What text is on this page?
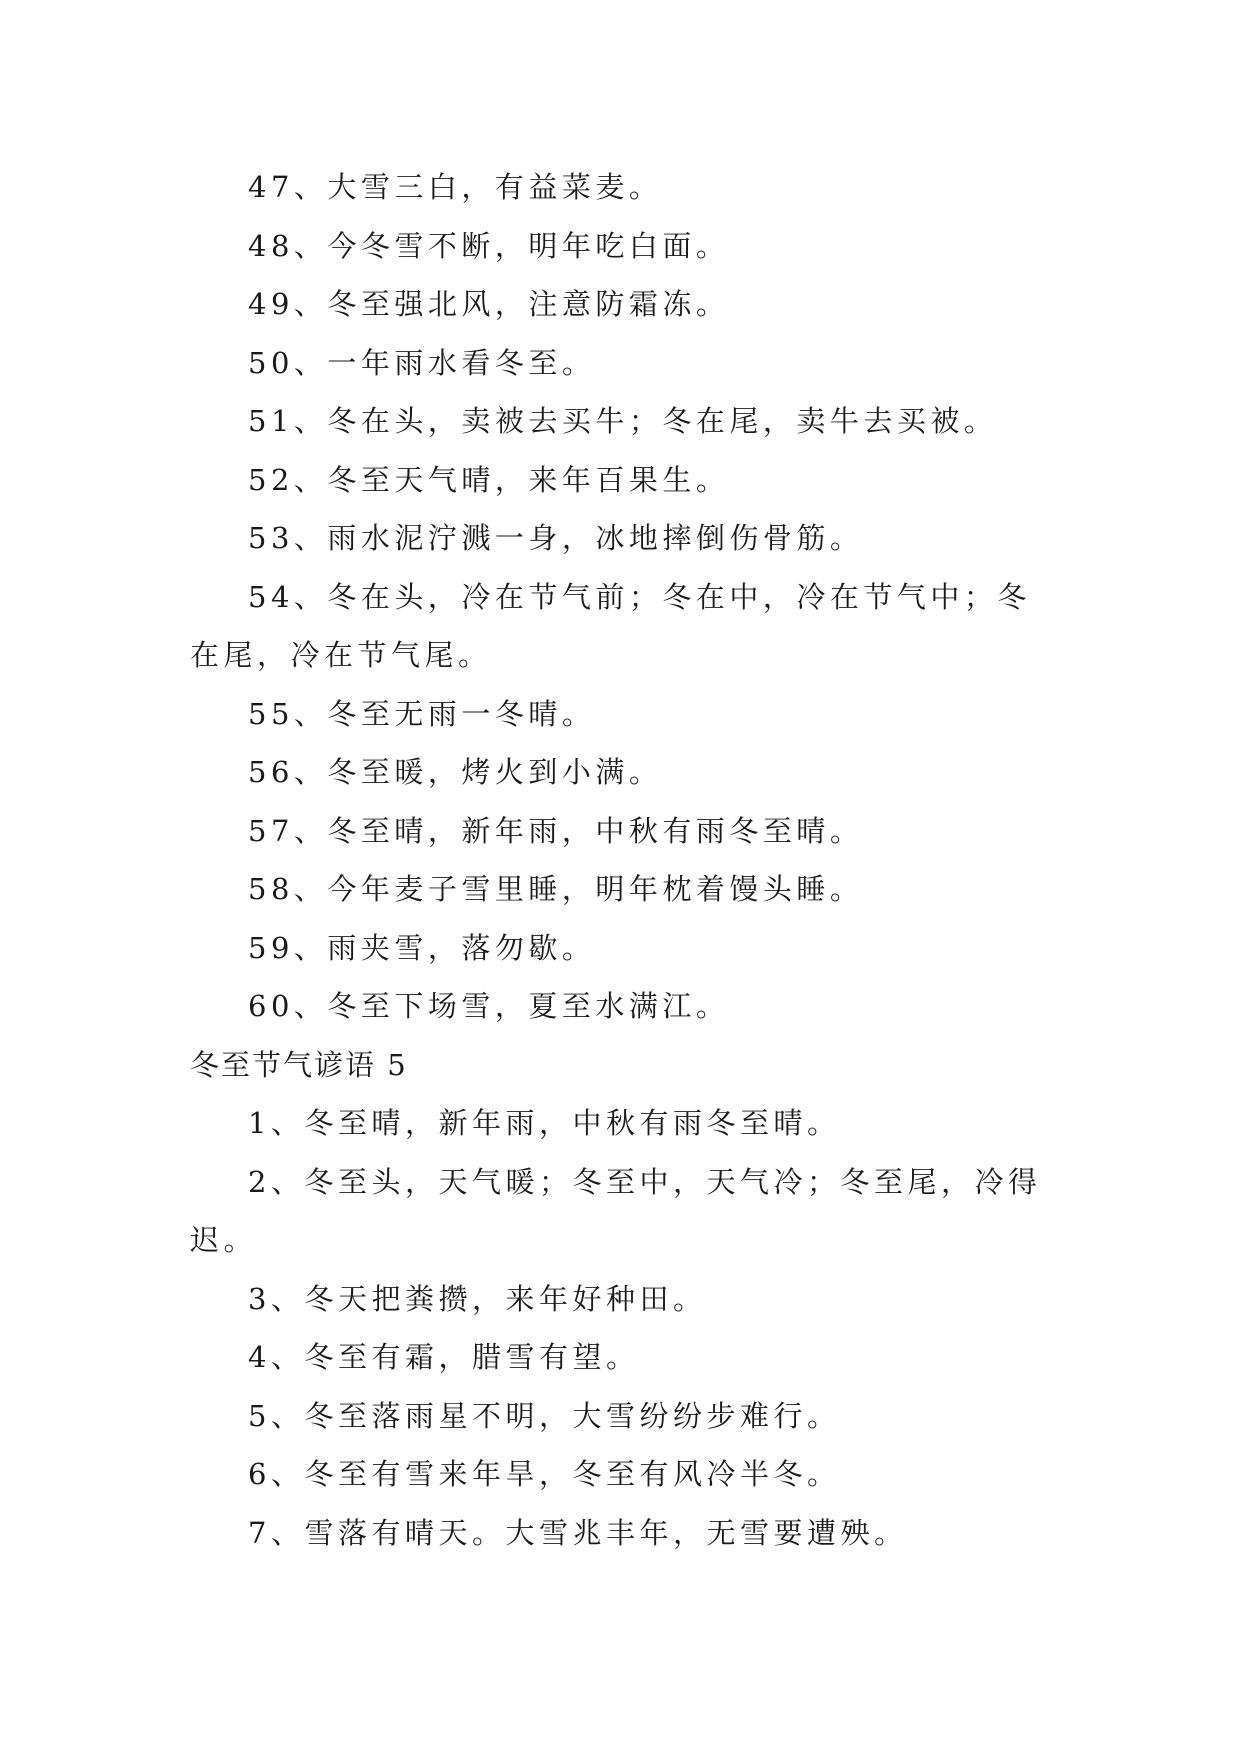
47、大雪三白，有益菜麦。

48、今冬雪不断，明年吃白面。

49、冬至强北风，注意防霜冻。

50、一年雨水看冬至。

51、冬在头，卖被去买牛；冬在尾，卖牛去买被。

52、冬至天气晴，来年百果生。

53、雨水泥泞溅一身，冰地摔倒伤骨筋。

54、冬在头，冷在节气前；冬在中，冷在节气中；冬在尾，冷在节气尾。

55、冬至无雨一冬晴。

56、冬至暖，烤火到小满。

57、冬至晴，新年雨，中秋有雨冬至晴。

58、今年麦子雪里睡，明年枕着馒头睡。

59、雨夹雪，落勿歇。

60、冬至下场雪，夏至水满江。

冬至节气谚语 5

1、冬至晴，新年雨，中秋有雨冬至晴。

2、冬至头，天气暖；冬至中，天气冷；冬至尾，冷得迟。

3、冬天把粪攒，来年好种田。

4、冬至有霜，腊雪有望。

5、冬至落雨星不明，大雪纷纷步难行。

6、冬至有雪来年旱，冬至有风冷半冬。

7、雪落有晴天。大雪兆丰年，无雪要遭殃。
